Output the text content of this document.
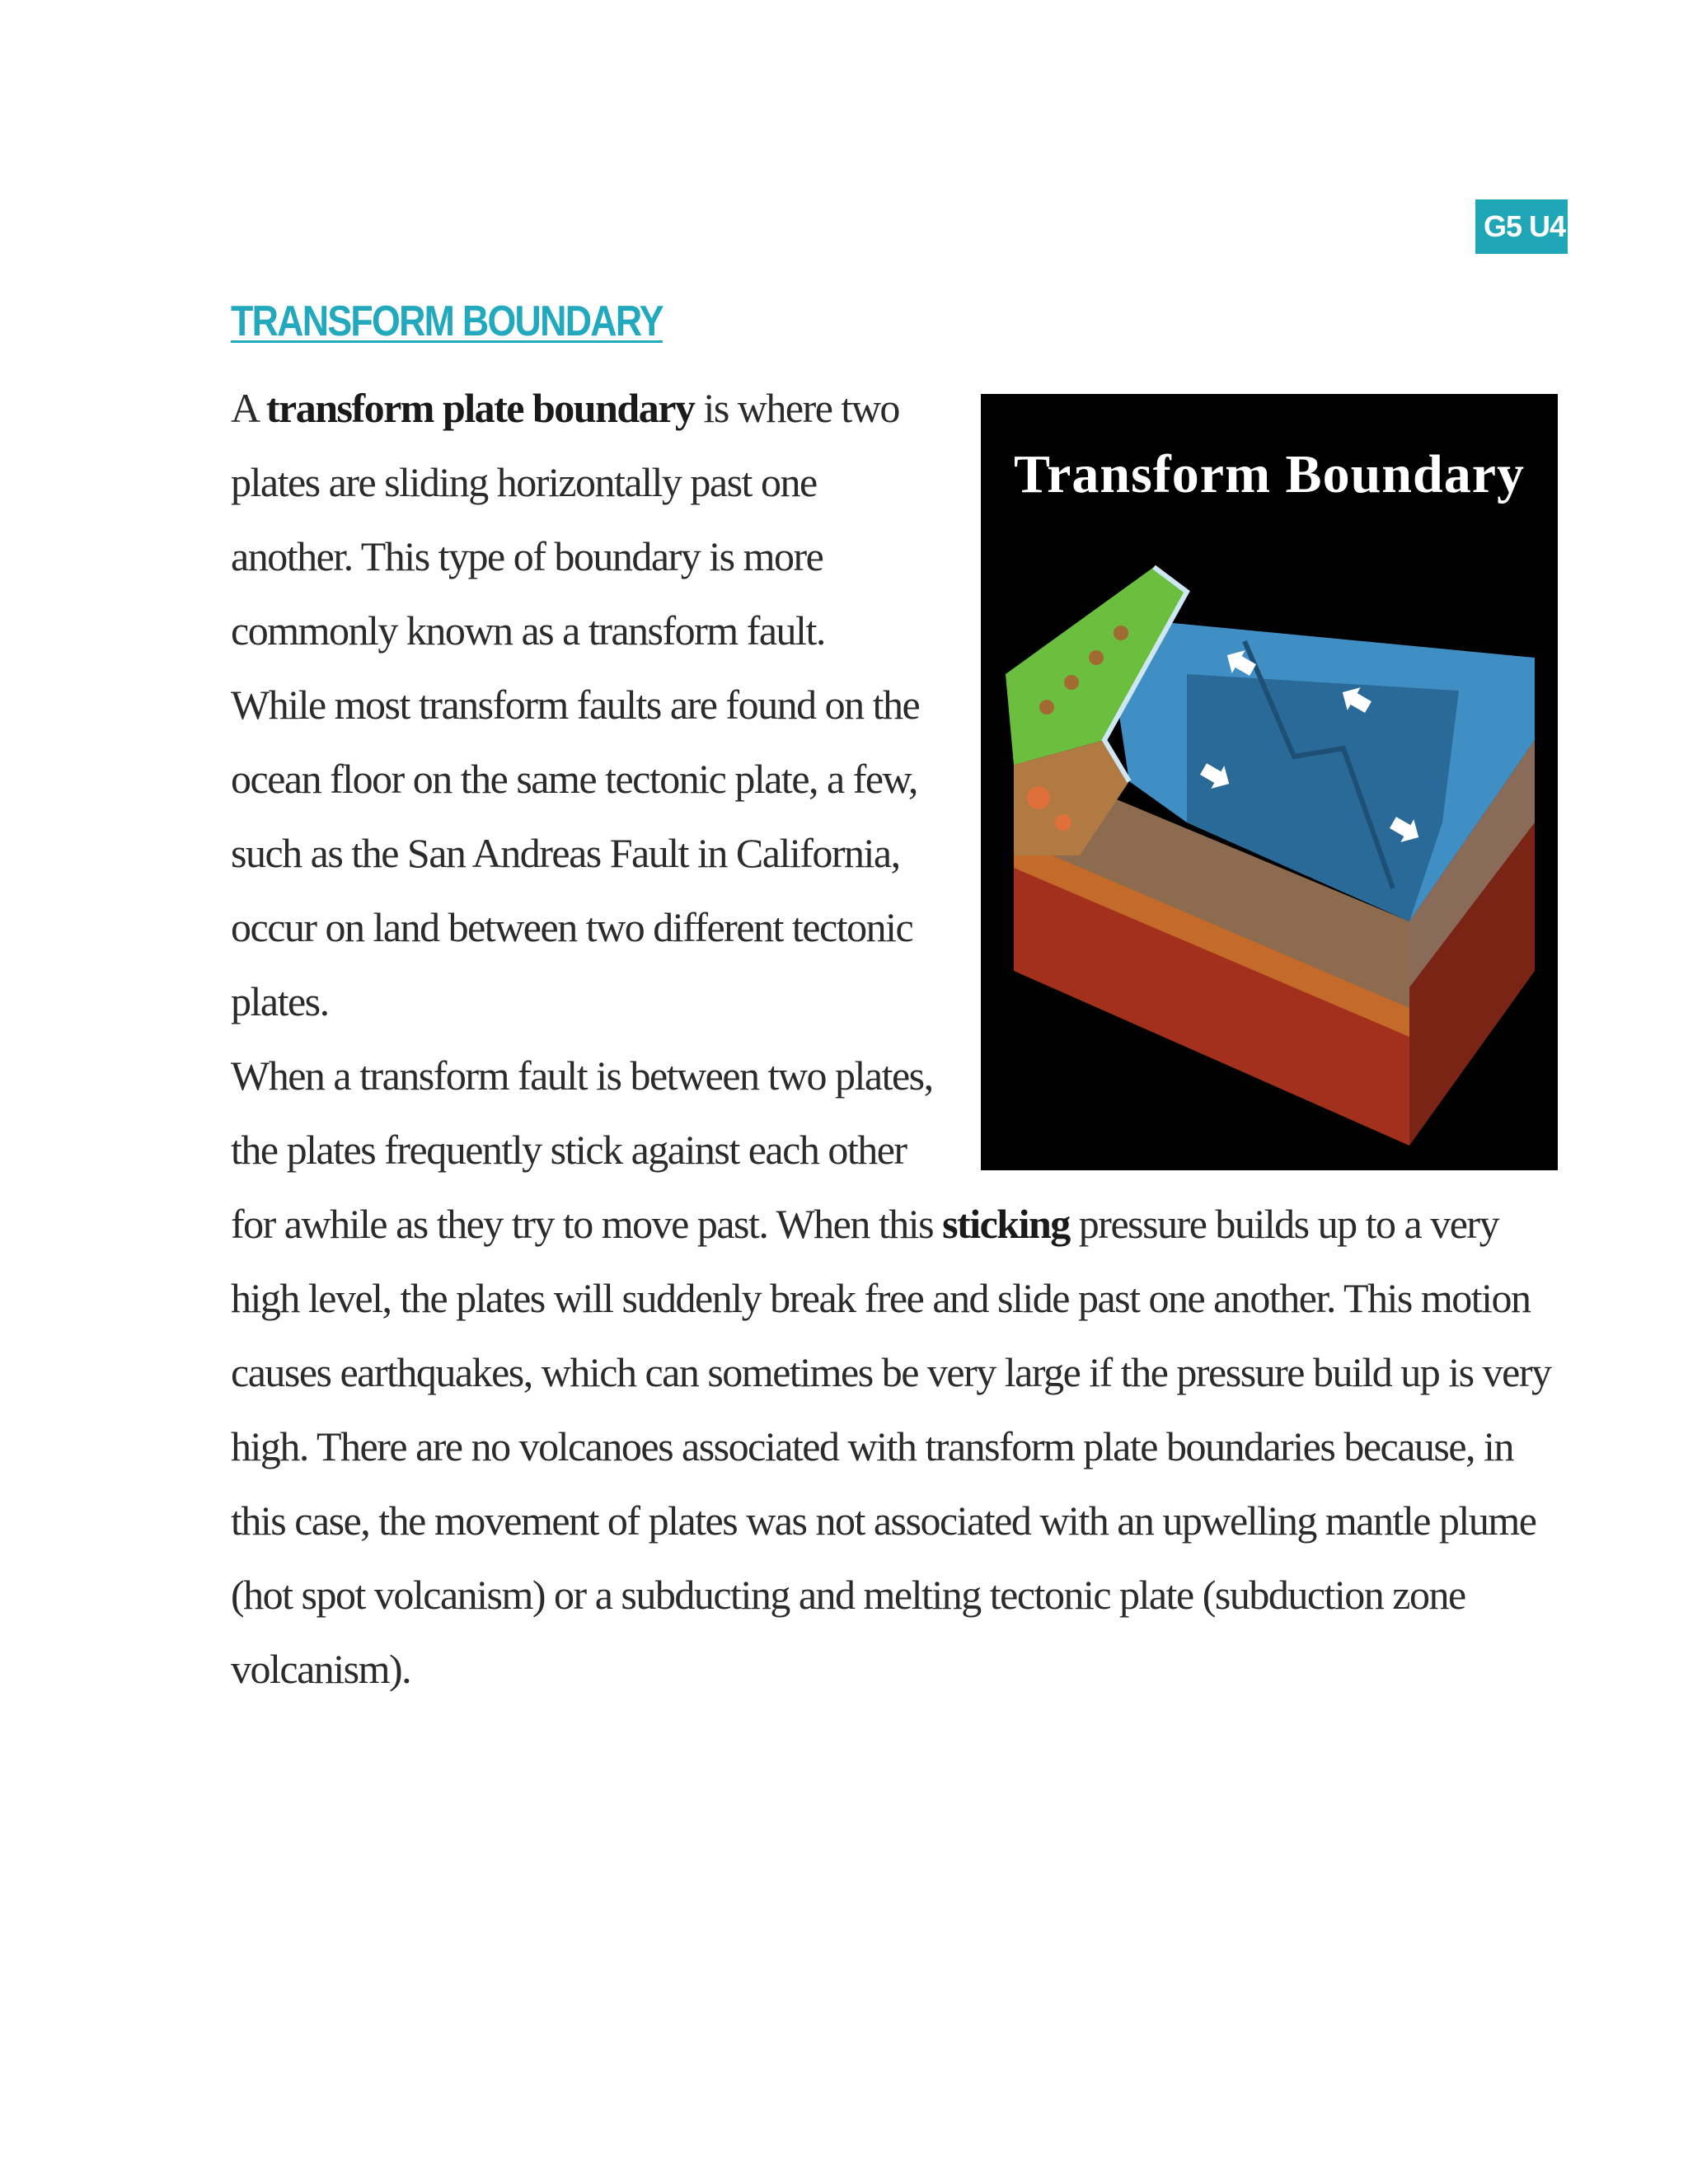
G5 U4 L
TRANSFORM BOUNDARY

A transform plate boundary is where two plates are sliding horizontally past one another. This type of boundary is more commonly known as a transform fault.

While most transform faults are found on the ocean floor on the same tectonic plate, a few, such as the San Andreas Fault in California, occur on land between two different tectonic plates.

When a transform fault is between two plates, the plates frequently stick against each other for awhile as they try to move past. When this sticking pressure builds up to a very high level, the plates will suddenly break free and slide past one another. This motion causes earthquakes, which can sometimes be very large if the pressure build up is very high. There are no volcanoes associated with transform plate boundaries because, in this case, the movement of plates was not associated with an upwelling mantle plume (hot spot volcanism) or a subducting and melting tectonic plate (subduction zone volcanism).

Transform Boundary
